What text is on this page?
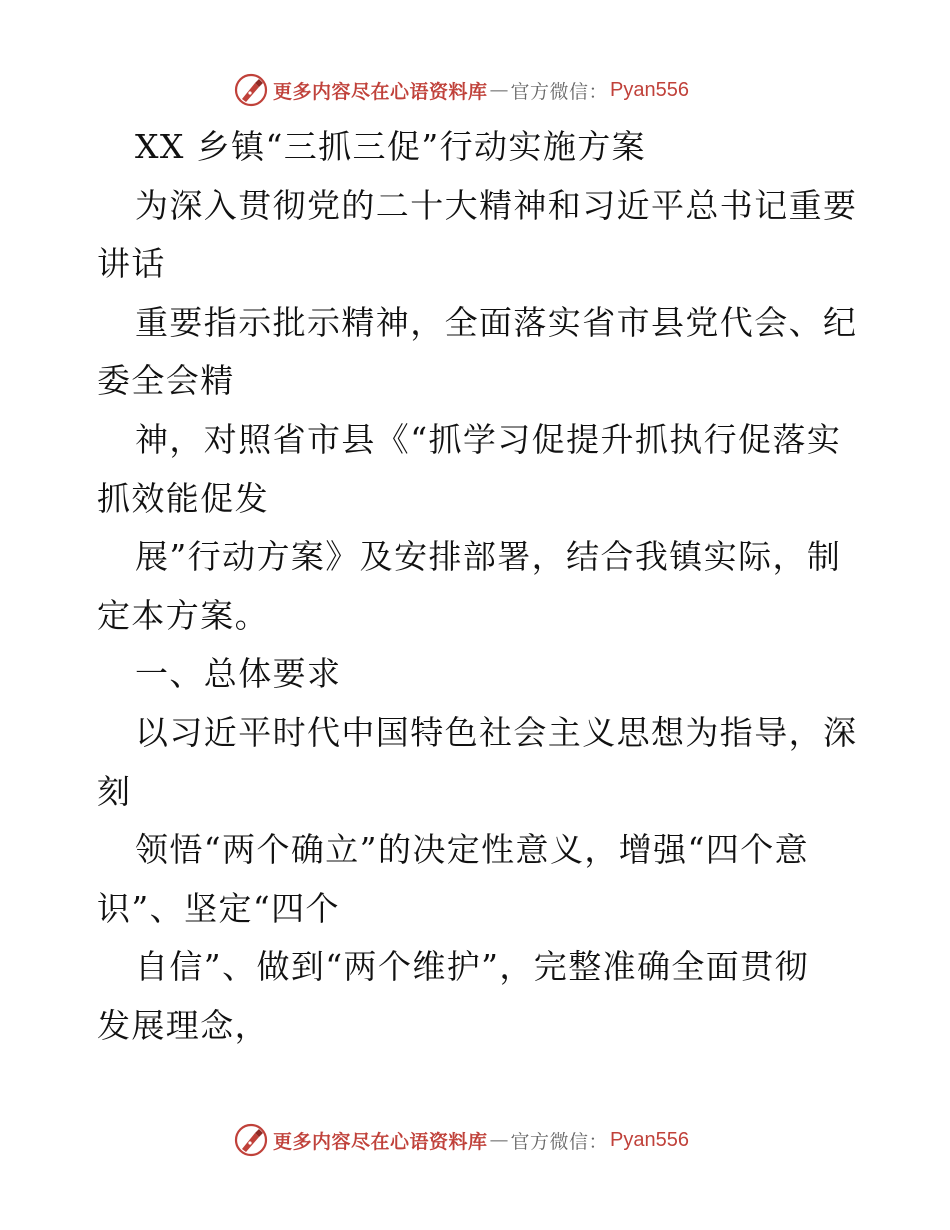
更多内容尽在心语资料库 — 官方微信： Pyan556
XX 乡镇“三抓三促”行动实施方案
为深入贯彻党的二十大精神和习近平总书记重要
讲话
重要指示批示精神，全面落实省市县党代会、纪
委全会精
神，对照省市县《“抓学习促提升抓执行促落实
抓效能促发
展”行动方案》及安排部署，结合我镇实际，制
定本方案。
一、总体要求
以习近平时代中国特色社会主义思想为指导，深
刻
领悟“两个确立”的决定性意义，增强“四个意
识”、坚定“四个
自信”、做到“两个维护”，完整准确全面贯彻
发展理念，
更多内容尽在心语资料库 — 官方微信： Pyan556
